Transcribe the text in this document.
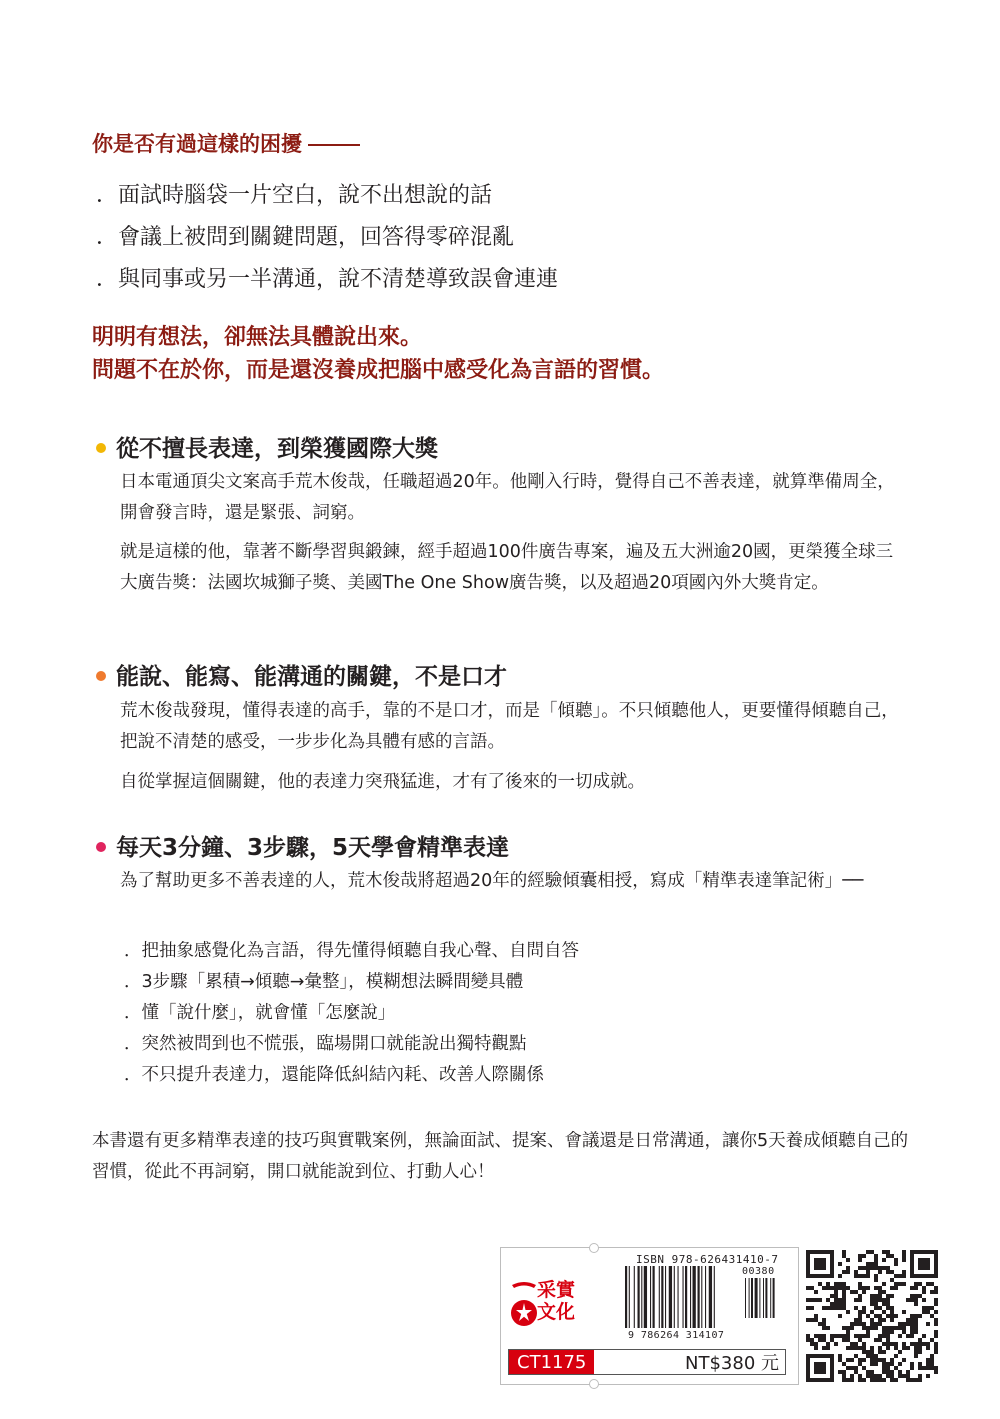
你是否有過這樣的困擾
．面試時腦袋一片空白，說不出想說的話
．會議上被問到關鍵問題，回答得零碎混亂
．與同事或另一半溝通，說不清楚導致誤會連連
明明有想法，卻無法具體說出來。
問題不在於你，而是還沒養成把腦中感受化為言語的習慣。
從不擅長表達，到榮獲國際大獎
日本電通頂尖文案高手荒木俊哉，任職超過20年。他剛入行時，覺得自己不善表達，就算準備周全，開會發言時，還是緊張、詞窮。
就是這樣的他，靠著不斷學習與鍛鍊，經手超過100件廣告專案，遍及五大洲逾20國，更榮獲全球三大廣告獎：法國坎城獅子獎、美國The One Show廣告獎，以及超過20項國內外大獎肯定。
能說、能寫、能溝通的關鍵，不是口才
荒木俊哉發現，懂得表達的高手，靠的不是口才，而是「傾聽」。不只傾聽他人，更要懂得傾聽自己，把說不清楚的感受，一步步化為具體有感的言語。
自從掌握這個關鍵，他的表達力突飛猛進，才有了後來的一切成就。
每天3分鐘、3步驟，5天學會精準表達
為了幫助更多不善表達的人，荒木俊哉將超過20年的經驗傾囊相授，寫成「精準表達筆記術」──
．把抽象感覺化為言語，得先懂得傾聽自我心聲、自問自答
．3步驟「累積→傾聽→彙整」，模糊想法瞬間變具體
．懂「說什麼」，就會懂「怎麼說」
．突然被問到也不慌張，臨場開口就能說出獨特觀點
．不只提升表達力，還能降低糾結內耗、改善人際關係
本書還有更多精準表達的技巧與實戰案例，無論面試、提案、會議還是日常溝通，讓你5天養成傾聽自己的習慣，從此不再詞窮，開口就能說到位、打動人心！
采實
文化
ISBN 978-626431410-7
00380
9 786264 314107
CT1175	NT$380 元
